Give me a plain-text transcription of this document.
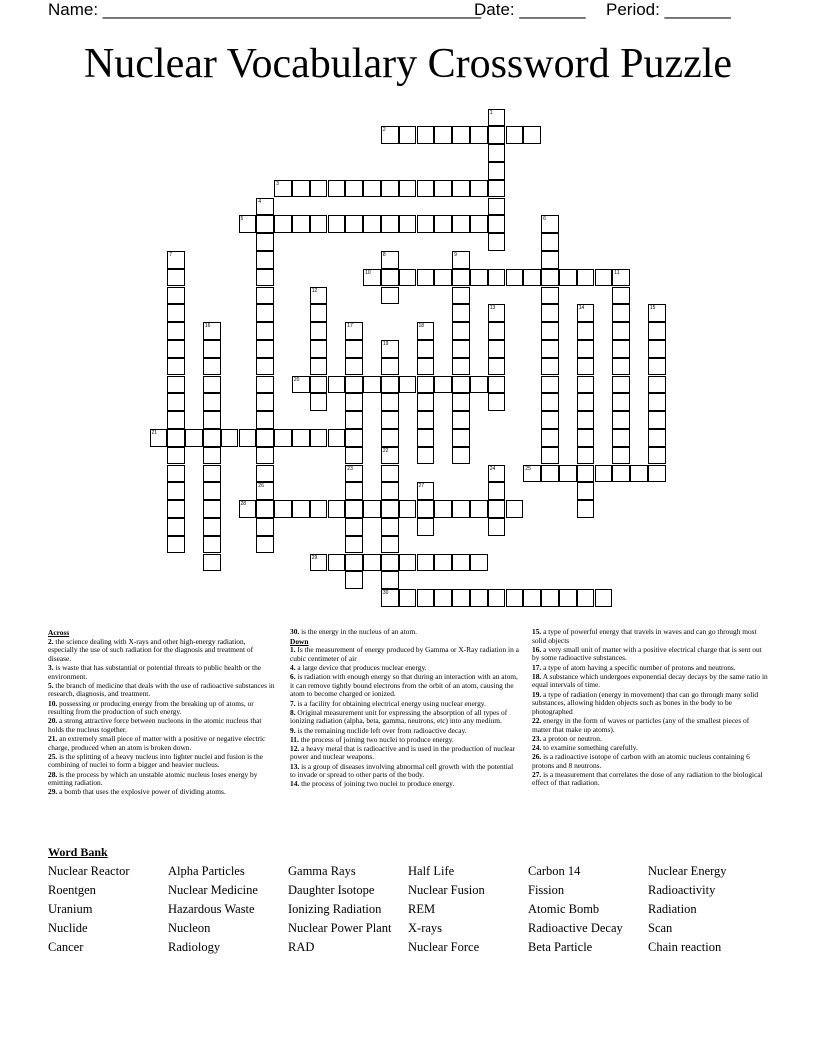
Name: ________________________________________
Date: _______ Period: _______
Nuclear Vocabulary Crossword Puzzle
1
2
3
4
26
5	6
7	8	9
10	11
12
13	14	15
16	17
23
18
19
20
21
22
30
24	25
27
28
29
Across

2. the science dealing with X-rays and other high-energy radiation, especially the use of such radiation for the diagnosis and treatment of disease.

3. is waste that has substantial or potential threats to public health or the environment.

5. the branch of medicine that deals with the use of radioactive substances in research, diagnosis, and treatment.

10. possessing or producing energy from the breaking up of atoms, or resulting from the production of such energy.

20. a strong attractive force between nucleons in the atomic nucleus that holds the nucleus together.

21. an extremely small piece of matter with a positive or negative electric charge, produced when an atom is broken down.

25. is the splitting of a heavy nucleus into lighter nuclei and fusion is the combining of nuclei to form a bigger and heavier nucleus.

28. is the process by which an unstable atomic nucleus loses energy by emitting radiation.

29. a bomb that uses the explosive power of dividing atoms.

30. is the energy in the nucleus of an atom.

Down

1. Is the measurement of energy produced by Gamma or X-Ray radiation in a cubic centimeter of air

4. a large device that produces nuclear energy.

6. is radiation with enough energy so that during an interaction with an atom, it can remove tightly bound electrons from the orbit of an atom, causing the atom to become charged or ionized.

7. is a facility for obtaining electrical energy using nuclear energy.

8. Original measurement unit for expressing the absorption of all types of ionizing radiation (alpha, beta, gamma, neutrons, etc) into any medium.

9. is the remaining nuclide left over from radioactive decay.

11. the process of joining two nuclei to produce energy.

12. a heavy metal that is radioactive and is used in the production of nuclear power and nuclear weapons.

13. is a group of diseases involving abnormal cell growth with the potential to invade or spread to other parts of the body.

14. the process of joining two nuclei to produce energy.

15. a type of powerful energy that travels in waves and can go through most solid objects

16. a very small unit of matter with a positive electrical charge that is sent out by some radioactive substances.

17. a type of atom having a specific number of protons and neutrons.

18. A substance which undergoes exponential decay decays by the same ratio in equal intervals of time.

19. a type of radiation (energy in movement) that can go through many solid substances, allowing hidden objects such as bones in the body to be photographed

22. energy in the form of waves or particles (any of the smallest pieces of matter that make up atoms).

23. a proton or neutron.

24. to examine something carefully.

26. is a radioactive isotope of carbon with an atomic nucleus containing 6 protons and 8 neutrons.

27. is a measurement that correlates the dose of any radiation to the biological effect of that radiation.

Word Bank
Nuclear Reactor	Alpha Particles	Gamma Rays	Half Life	Carbon 14	Nuclear Energy
Roentgen	Nuclear Medicine	Daughter Isotope	Nuclear Fusion	Fission	Radioactivity
Uranium	Hazardous Waste	Ionizing Radiation	REM	Atomic Bomb	Radiation
Nuclide	Nucleon	Nuclear Power Plant	X-rays	Radioactive Decay	Scan
Cancer	Radiology	RAD	Nuclear Force	Beta Particle	Chain reaction
